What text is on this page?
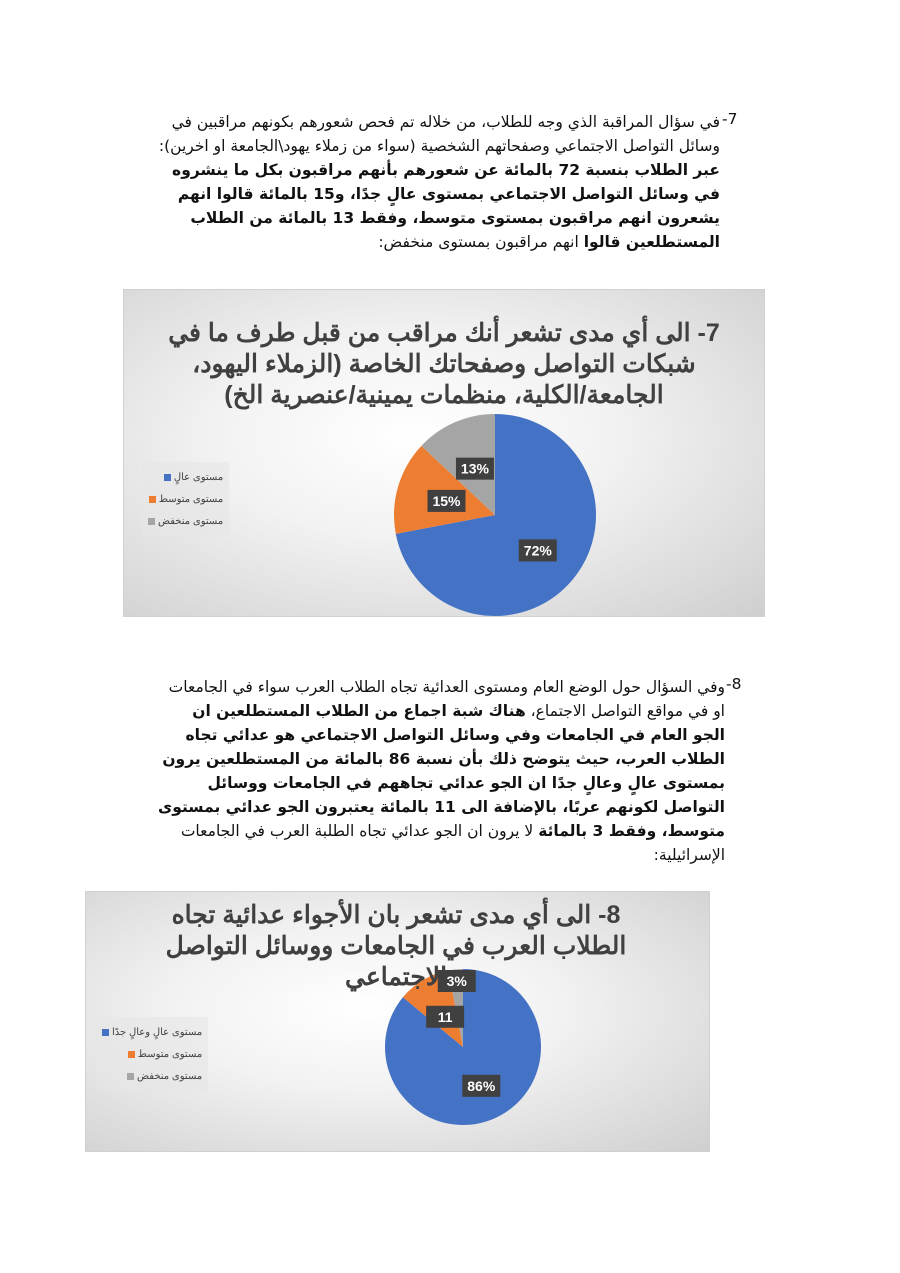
-7
في سؤال المراقبة الذي وجه للطلاب، من خلاله تم فحص شعورهم بكونهم مراقبين في وسائل التواصل الاجتماعي وصفحاتهم الشخصية (سواء من زملاء يهود\الجامعة او اخرين): عبر الطلاب بنسبة 72 بالمائة عن شعورهم بأنهم مراقبون بكل ما ينشروه في وسائل التواصل الاجتماعي بمستوى عالٍ جدًا، و15 بالمائة قالوا انهم يشعرون انهم مراقبون بمستوى متوسط، وفقط 13 بالمائة من الطلاب المستطلعين قالوا انهم مراقبون بمستوى منخفض:
7- الى أي مدى تشعر أنك مراقب من قبل طرف ما في شبكات التواصل وصفحاتك الخاصة (الزملاء اليهود، الجامعة/الكلية، منظمات يمينية/عنصرية الخ)
72%
15%
13%
مستوى عالٍ
مستوى متوسط
مستوى منخفض
-8
وفي السؤال حول الوضع العام ومستوى العدائية تجاه الطلاب العرب سواء في الجامعات او في مواقع التواصل الاجتماع، هناك شبة اجماع من الطلاب المستطلعين ان الجو العام في الجامعات وفي وسائل التواصل الاجتماعي هو عدائي تجاه الطلاب العرب، حيث يتوضح ذلك بأن نسبة 86 بالمائة من المستطلعين يرون بمستوى عالٍ وعالٍ جدًا ان الجو عدائي تجاههم في الجامعات ووسائل التواصل لكونهم عربًا، بالإضافة الى 11 بالمائة يعتبرون الجو عدائي بمستوى متوسط، وفقط 3 بالمائة لا يرون ان الجو عدائي تجاه الطلبة العرب في الجامعات الإسرائيلية:
8- الى أي مدى تشعر بان الأجواء عدائية تجاه الطلاب العرب في الجامعات ووسائل التواصل الاجتماعي
86%
11
3%
مستوى عالٍ وعالٍ جدًا
مستوى متوسط
مستوى منخفض
